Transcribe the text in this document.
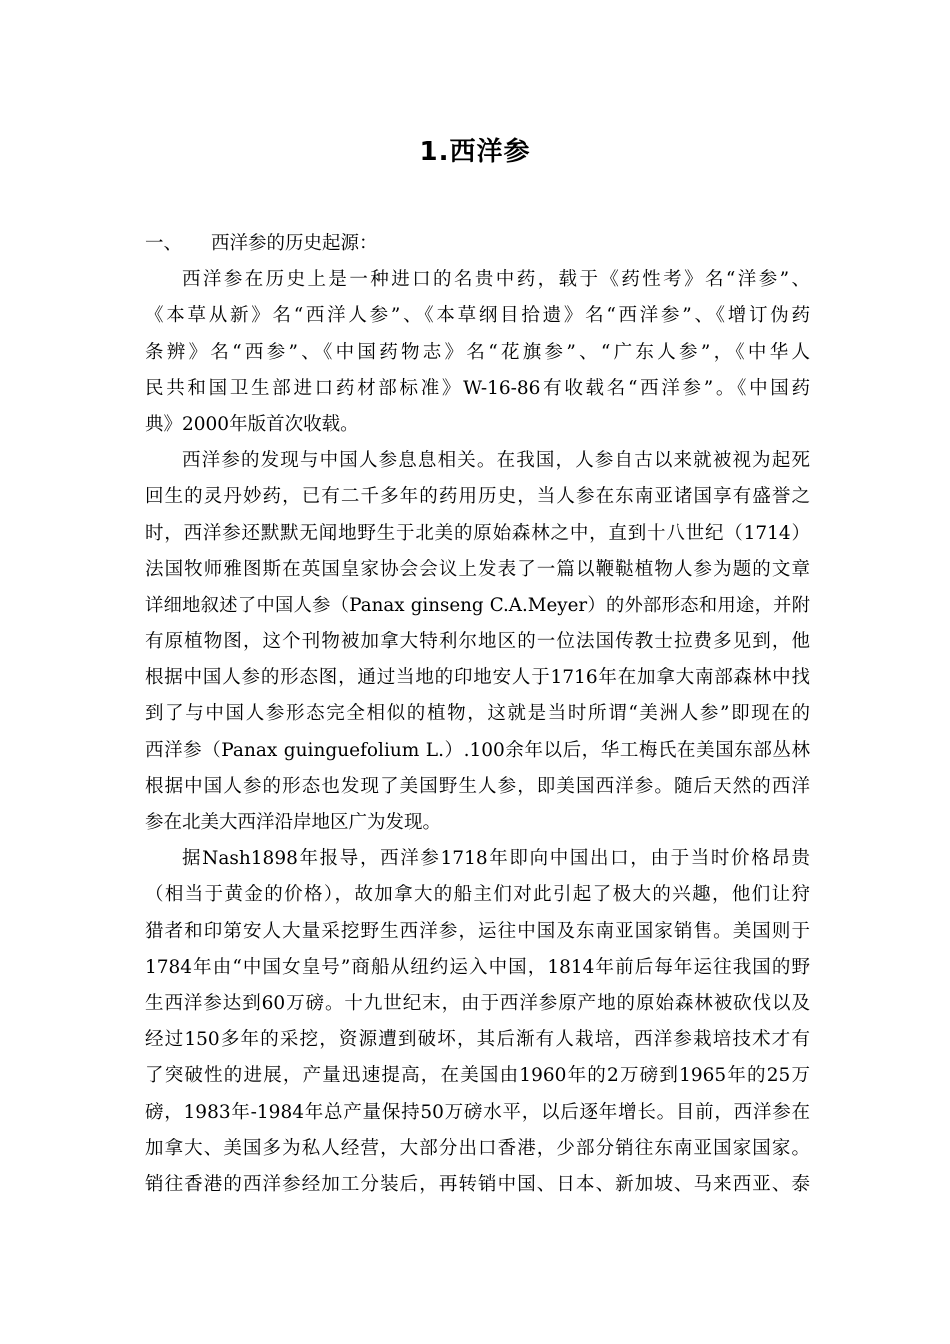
1.西洋参
一、 西洋参的历史起源：

西洋参在历史上是一种进口的名贵中药，载于《药性考》名“洋参”、
《本草从新》名“西洋人参”、《本草纲目拾遗》名“西洋参”、《增订伪药
条辨》名“西参”、《中国药物志》名“花旗参”、“广东人参”，《中华人
民共和国卫生部进口药材部标准》W-16-86有收载名“西洋参”。《中国药
典》2000年版首次收载。

西洋参的发现与中国人参息息相关。在我国，人参自古以来就被视为起死
回生的灵丹妙药，已有二千多年的药用历史，当人参在东南亚诸国享有盛誉之
时，西洋参还默默无闻地野生于北美的原始森林之中，直到十八世纪（1714）
法国牧师雅图斯在英国皇家协会会议上发表了一篇以鞭鞑植物人参为题的文章
详细地叙述了中国人参（Panax ginseng C.A.Meyer）的外部形态和用途，并附
有原植物图，这个刊物被加拿大特利尔地区的一位法国传教士拉费多见到，他
根据中国人参的形态图，通过当地的印地安人于1716年在加拿大南部森林中找
到了与中国人参形态完全相似的植物，这就是当时所谓“美洲人参”即现在的
西洋参（Panax guinguefolium L.）.100余年以后，华工梅氏在美国东部丛林
根据中国人参的形态也发现了美国野生人参，即美国西洋参。随后天然的西洋
参在北美大西洋沿岸地区广为发现。

据Nash1898年报导，西洋参1718年即向中国出口，由于当时价格昂贵
（相当于黄金的价格），故加拿大的船主们对此引起了极大的兴趣，他们让狩
猎者和印第安人大量采挖野生西洋参，运往中国及东南亚国家销售。美国则于
1784年由“中国女皇号”商船从纽约运入中国，1814年前后每年运往我国的野
生西洋参达到60万磅。十九世纪末，由于西洋参原产地的原始森林被砍伐以及
经过150多年的采挖，资源遭到破坏，其后渐有人栽培，西洋参栽培技术才有
了突破性的进展，产量迅速提高，在美国由1960年的2万磅到1965年的25万
磅，1983年-1984年总产量保持50万磅水平，以后逐年增长。目前，西洋参在
加拿大、美国多为私人经营，大部分出口香港，少部分销往东南亚国家国家。
销往香港的西洋参经加工分装后，再转销中国、日本、新加坡、马来西亚、泰
